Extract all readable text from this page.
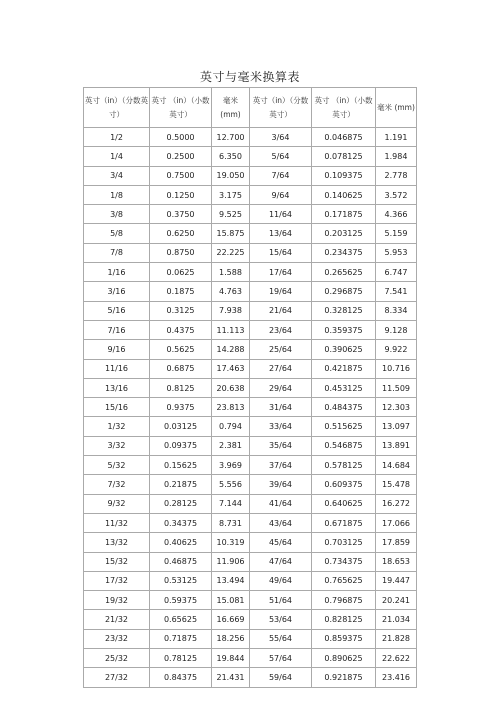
英寸与毫米换算表
英寸（in）（分数英寸）	英寸 （in）（小数英寸）	毫米 (mm)	英寸（in）（分数英寸）	英寸 （in）（小数英寸）	毫米 (mm)
1/2	0.5000	12.700	3/64	0.046875	1.191
1/4	0.2500	6.350	5/64	0.078125	1.984
3/4	0.7500	19.050	7/64	0.109375	2.778
1/8	0.1250	3.175	9/64	0.140625	3.572
3/8	0.3750	9.525	11/64	0.171875	4.366
5/8	0.6250	15.875	13/64	0.203125	5.159
7/8	0.8750	22.225	15/64	0.234375	5.953
1/16	0.0625	1.588	17/64	0.265625	6.747
3/16	0.1875	4.763	19/64	0.296875	7.541
5/16	0.3125	7.938	21/64	0.328125	8.334
7/16	0.4375	11.113	23/64	0.359375	9.128
9/16	0.5625	14.288	25/64	0.390625	9.922
11/16	0.6875	17.463	27/64	0.421875	10.716
13/16	0.8125	20.638	29/64	0.453125	11.509
15/16	0.9375	23.813	31/64	0.484375	12.303
1/32	0.03125	0.794	33/64	0.515625	13.097
3/32	0.09375	2.381	35/64	0.546875	13.891
5/32	0.15625	3.969	37/64	0.578125	14.684
7/32	0.21875	5.556	39/64	0.609375	15.478
9/32	0.28125	7.144	41/64	0.640625	16.272
11/32	0.34375	8.731	43/64	0.671875	17.066
13/32	0.40625	10.319	45/64	0.703125	17.859
15/32	0.46875	11.906	47/64	0.734375	18.653
17/32	0.53125	13.494	49/64	0.765625	19.447
19/32	0.59375	15.081	51/64	0.796875	20.241
21/32	0.65625	16.669	53/64	0.828125	21.034
23/32	0.71875	18.256	55/64	0.859375	21.828
25/32	0.78125	19.844	57/64	0.890625	22.622
27/32	0.84375	21.431	59/64	0.921875	23.416
